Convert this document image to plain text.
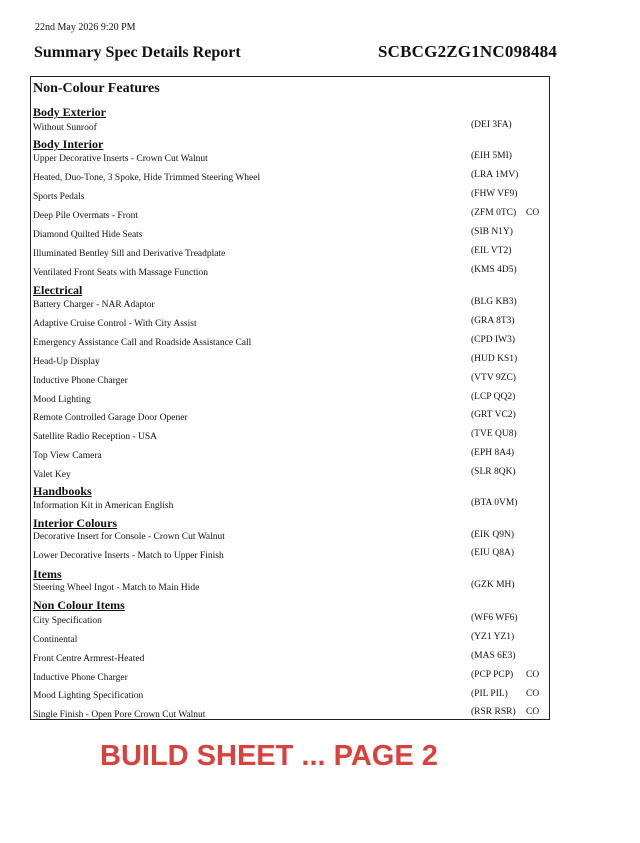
22nd May 2026 9:20 PM
Summary Spec Details Report	SCBCG2ZG1NC098484
Non-Colour Features
Body Exterior
Without Sunroof	(DEI 3FA)
Body Interior
Upper Decorative Inserts - Crown Cut Walnut	(EIH 5MI)
Heated, Duo-Tone, 3 Spoke, Hide Trimmed Steering Wheel	(LRA 1MV)
Sports Pedals	(FHW VF9)
Deep Pile Overmats - Front	(ZFM 0TC) CO
Diamond Quilted Hide Seats	(SIB N1Y)
Illuminated Bentley Sill and Derivative Treadplate	(EIL VT2)
Ventilated Front Seats with Massage Function	(KMS 4D5)
Electrical
Battery Charger - NAR Adaptor	(BLG KB3)
Adaptive Cruise Control - With City Assist	(GRA 8T3)
Emergency Assistance Call and Roadside Assistance Call	(CPD IW3)
Head-Up Display	(HUD KS1)
Inductive Phone Charger	(VTV 9ZC)
Mood Lighting	(LCP QQ2)
Remote Controlled Garage Door Opener	(GRT VC2)
Satellite Radio Reception - USA	(TVE QU8)
Top View Camera	(EPH 8A4)
Valet Key	(SLR 8QK)
Handbooks
Information Kit in American English	(BTA 0VM)
Interior Colours
Decorative Insert for Console - Crown Cut Walnut	(EIK Q9N)
Lower Decorative Inserts - Match to Upper Finish	(EIU Q8A)
Items
Steering Wheel Ingot - Match to Main Hide	(GZK MH)
Non Colour Items
City Specification	(WF6 WF6)
Continental	(YZ1 YZ1)
Front Centre Armrest-Heated	(MAS 6E3)
Inductive Phone Charger	(PCP PCP) CO
Mood Lighting Specification	(PIL PIL) CO
Single Finish - Open Pore Crown Cut Walnut	(RSR RSR) CO
BUILD SHEET ... PAGE 2
